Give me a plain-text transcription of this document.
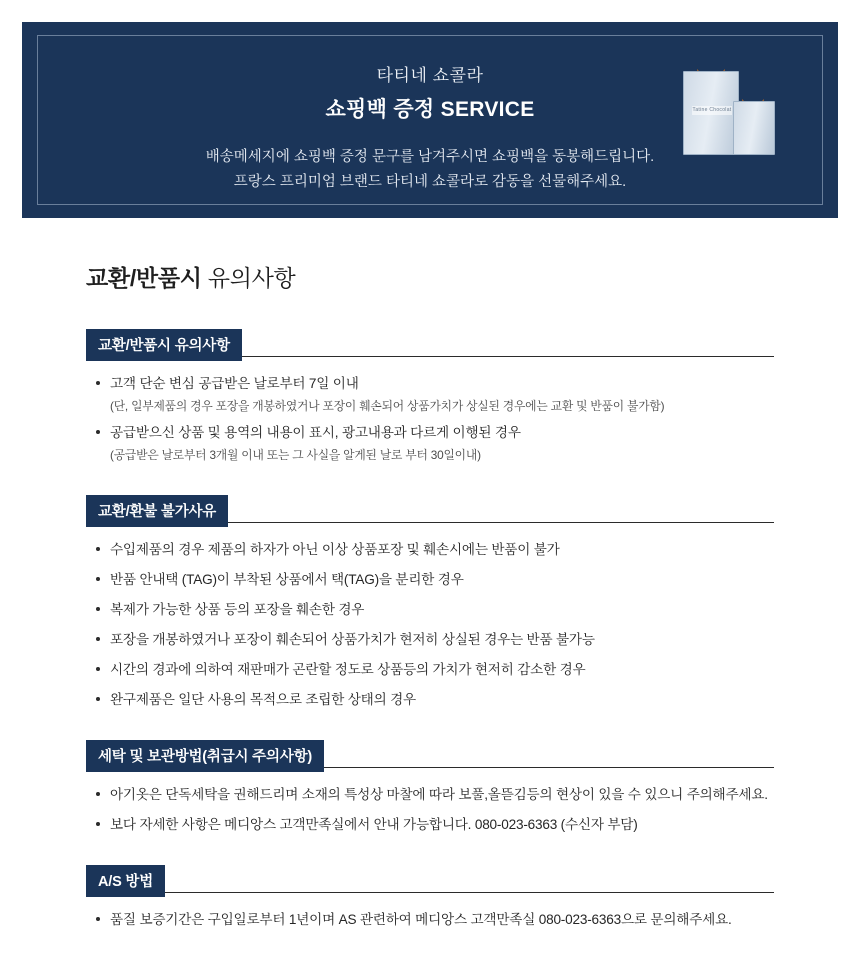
타티네 쇼콜라
쇼핑백 증정 SERVICE
배송메세지에 쇼핑백 증정 문구를 남겨주시면 쇼핑백을 동봉해드립니다.
프랑스 프리미엄 브랜드 타티네 쇼콜라로 감동을 선물해주세요.
Tatine Chocolat
교환/반품시 유의사항
교환/반품시 유의사항
고객 단순 변심 공급받은 날로부터 7일 이내
(단, 일부제품의 경우 포장을 개봉하였거나 포장이 훼손되어 상품가치가 상실된 경우에는 교환 및 반품이 불가함)
공급받으신 상품 및 용역의 내용이 표시, 광고내용과 다르게 이행된 경우
(공급받은 날로부터 3개월 이내 또는 그 사실을 알게된 날로 부터 30일이내)
교환/환불 불가사유
수입제품의 경우 제품의 하자가 아닌 이상 상품포장 및 훼손시에는 반품이 불가
반품 안내택 (TAG)이 부착된 상품에서 택(TAG)을 분리한 경우
복제가 가능한 상품 등의 포장을 훼손한 경우
포장을 개봉하였거나 포장이 훼손되어 상품가치가 현저히 상실된 경우는 반품 불가능
시간의 경과에 의하여 재판매가 곤란할 정도로 상품등의 가치가 현저히 감소한 경우
완구제품은 일단 사용의 목적으로 조립한 상태의 경우
세탁 및 보관방법(취급시 주의사항)
아기옷은 단독세탁을 권해드리며 소재의 특성상 마찰에 따라 보풀,올뜯김등의 현상이 있을 수 있으니 주의해주세요.
보다 자세한 사항은 메디앙스 고객만족실에서 안내 가능합니다. 080-023-6363 (수신자 부담)
A/S 방법
품질 보증기간은 구입일로부터 1년이며 AS 관련하여 메디앙스 고객만족실 080-023-6363으로 문의해주세요.
